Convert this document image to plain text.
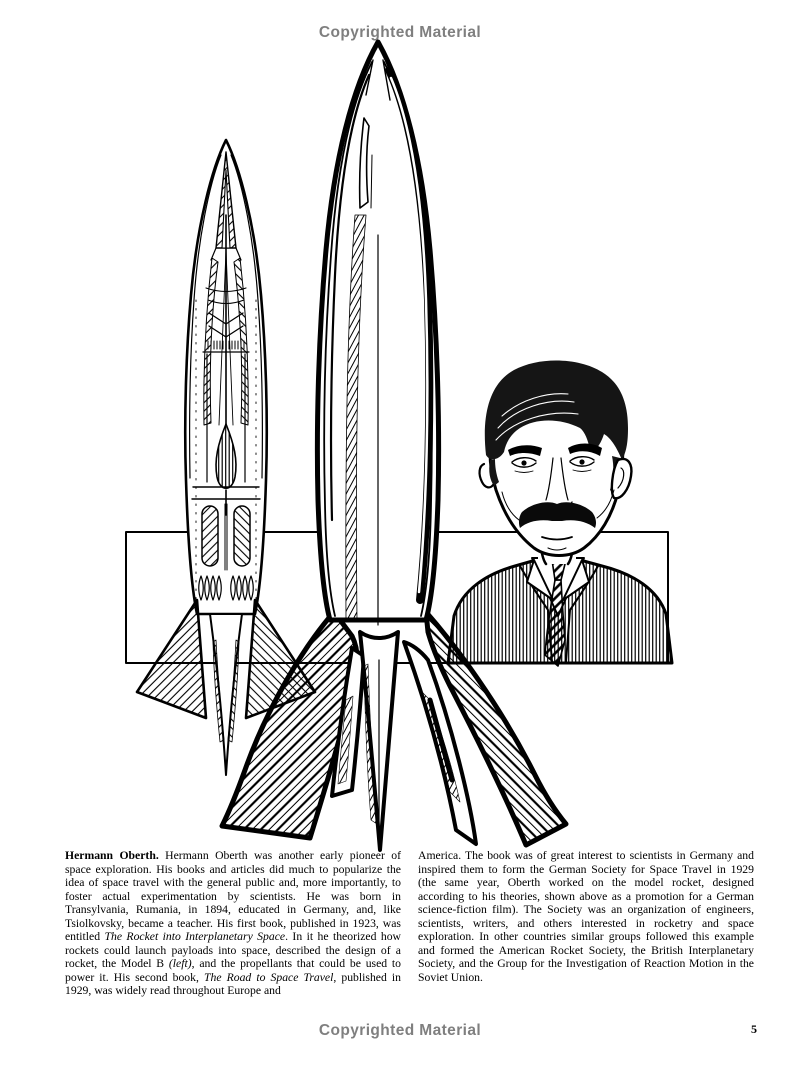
Copyrighted Material
Hermann Oberth. Hermann Oberth was another early pioneer of space exploration. His books and articles did much to popularize the idea of space travel with the general public and, more importantly, to foster actual experimentation by scientists. He was born in Transylvania, Rumania, in 1894, educated in Germany, and, like Tsiolkovsky, became a teacher. His first book, published in 1923, was entitled The Rocket into Interplanetary Space. In it he theorized how rockets could launch payloads into space, described the design of a rocket, the Model B (left), and the propellants that could be used to power it. His second book, The Road to Space Travel, published in 1929, was widely read throughout Europe and
America. The book was of great interest to scientists in Germany and inspired them to form the German Society for Space Travel in 1929 (the same year, Oberth worked on the model rocket, designed according to his theories, shown above as a promotion for a German science-fiction film). The Society was an organization of engineers, scientists, writers, and others interested in rocketry and space exploration. In other countries similar groups followed this example and formed the American Rocket Society, the British Interplanetary Society, and the Group for the Investigation of Reaction Motion in the Soviet Union.
Copyrighted Material	5
